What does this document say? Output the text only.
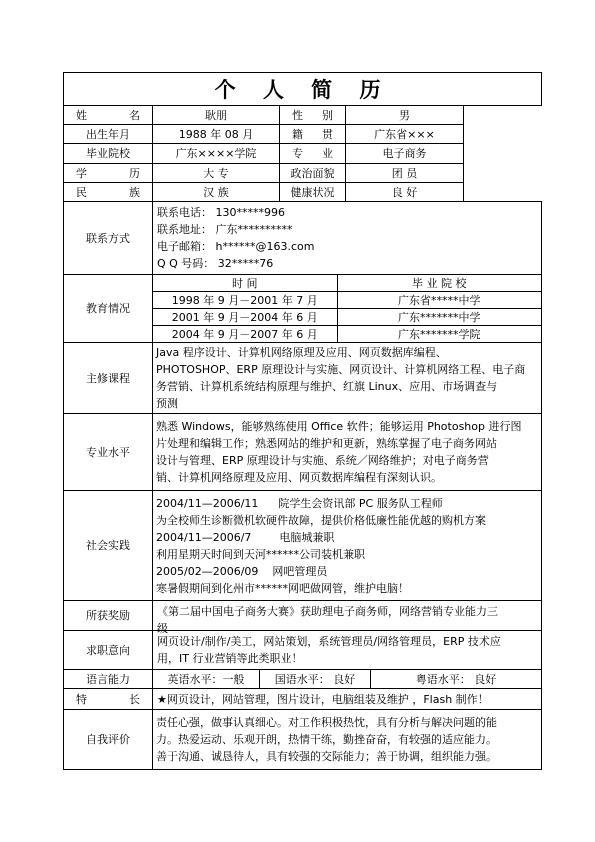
个 人 简 历
姓 名	耿朋	性 别	男	
出生年月	1988 年 08 月	籍 贯	广东省×××
毕业院校	广东××××学院	专 业	电子商务
学 历	大 专	政治面貌	团 员
民 族	汉 族	健康状况	良 好
联系方式	
联系电话： 130*****996
联系地址： 广东**********
电子邮箱： h******@163.com
Q Q 号码： 32*****76

教育情况	
时 间	毕 业 院 校
1998 年 9 月－2001 年 7 月	广东省*****中学
2001 年 9 月－2004 年 6 月	广东*******中学
2004 年 9 月－2007 年 6 月	广东*******学院

主修课程	
Java 程序设计、计算机网络原理及应用、网页数据库编程、
PHOTOSHOP、ERP 原理设计与实施、网页设计、计算机网络工程、电子商
务营销、计算机系统结构原理与维护、红旗 Linux、应用、市场调查与
预测

专业水平	
熟悉 Windows，能够熟练使用 Office 软件；能够运用 Photoshop 进行图
片处理和编辑工作；熟悉网站的维护和更新，熟练掌握了电子商务网站
设计与管理、ERP 原理设计与实施、系统／网络维护；对电子商务营
销、计算机网络原理及应用、网页数据库编程有深刻认识。

社会实践	
2004/11—2006/11 院学生会资讯部 PC 服务队工程师
为全校师生诊断微机软硬件故障，提供价格低廉性能优越的购机方案
2004/11—2006/7	电脑城兼职
利用星期天时间到天河******公司装机兼职
2005/02—2006/09 网吧管理员
寒暑假期间到化州市******网吧做网管，维护电脑！

所获奖励	《第二届中国电子商务大赛》获助理电子商务师，网络营销专业能力三
级

求职意向	
网页设计/制作/美工，网站策划，系统管理员/网络管理员，ERP 技术应
用，IT 行业营销等此类职业！

语言能力	英语水平：一般	国语水平： 良好	粤语水平： 良好
特 长	★网页设计，网站管理，图片设计，电脑组装及维护 ，Flash 制作！
自我评价	
责任心强，做事认真细心。对工作积极热忱，具有分析与解决问题的能
力。热爱运动、乐观开朗，热情干练，勤挫奋奋，有较强的适应能力。
善于沟通、诚恳待人，具有较强的交际能力；善于协调，组织能力强。
